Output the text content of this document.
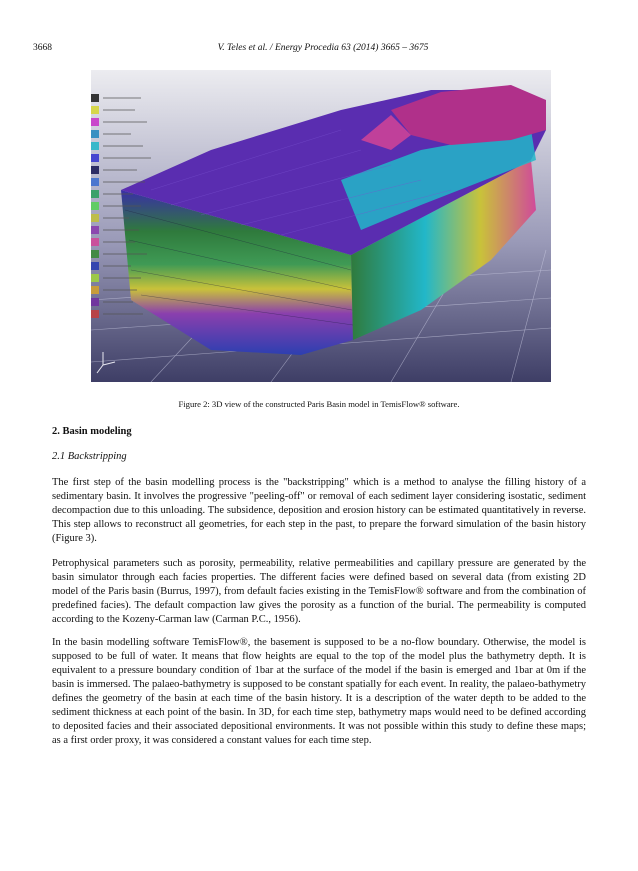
3668	V. Teles et al. / Energy Procedia 63 (2014) 3665 – 3675
Figure 2: 3D view of the constructed Paris Basin model in TemisFlow® software.
2. Basin modeling
2.1 Backstripping

The first step of the basin modelling process is the "backstripping" which is a method to analyse the filling history of a sedimentary basin. It involves the progressive "peeling-off" or removal of each sediment layer considering isostatic, sediment decompaction due to this unloading. The subsidence, deposition and erosion history can be estimated quantitatively in reverse. This step allows to reconstruct all geometries, for each step in the past, to prepare the forward simulation of the basin history (Figure 3).

Petrophysical parameters such as porosity, permeability, relative permeabilities and capillary pressure are generated by the basin simulator through each facies properties. The different facies were defined based on several data (from existing 2D model of the Paris basin (Burrus, 1997), from default facies existing in the TemisFlow® software and from the combination of predefined facies). The default compaction law gives the porosity as a function of the burial. The permeability is computed according to the Kozeny-Carman law (Carman P.C., 1956).

In the basin modelling software TemisFlow®, the basement is supposed to be a no-flow boundary. Otherwise, the model is supposed to be full of water. It means that flow heights are equal to the top of the model plus the bathymetry depth. It is equivalent to a pressure boundary condition of 1bar at the surface of the model if the basin is emerged and 1bar at 0m if the basin is immersed. The palaeo-bathymetry is supposed to be constant spatially for each event. In reality, the palaeo-bathymetry defines the geometry of the basin at each time of the basin history. It is a description of the water depth to be added to the sediment thickness at each point of the basin. In 3D, for each time step, bathymetry maps would need to be defined according to deposited facies and their associated depositional environments. It was not possible within this study to define these maps; as a first order proxy, it was considered a constant values for each time step.
